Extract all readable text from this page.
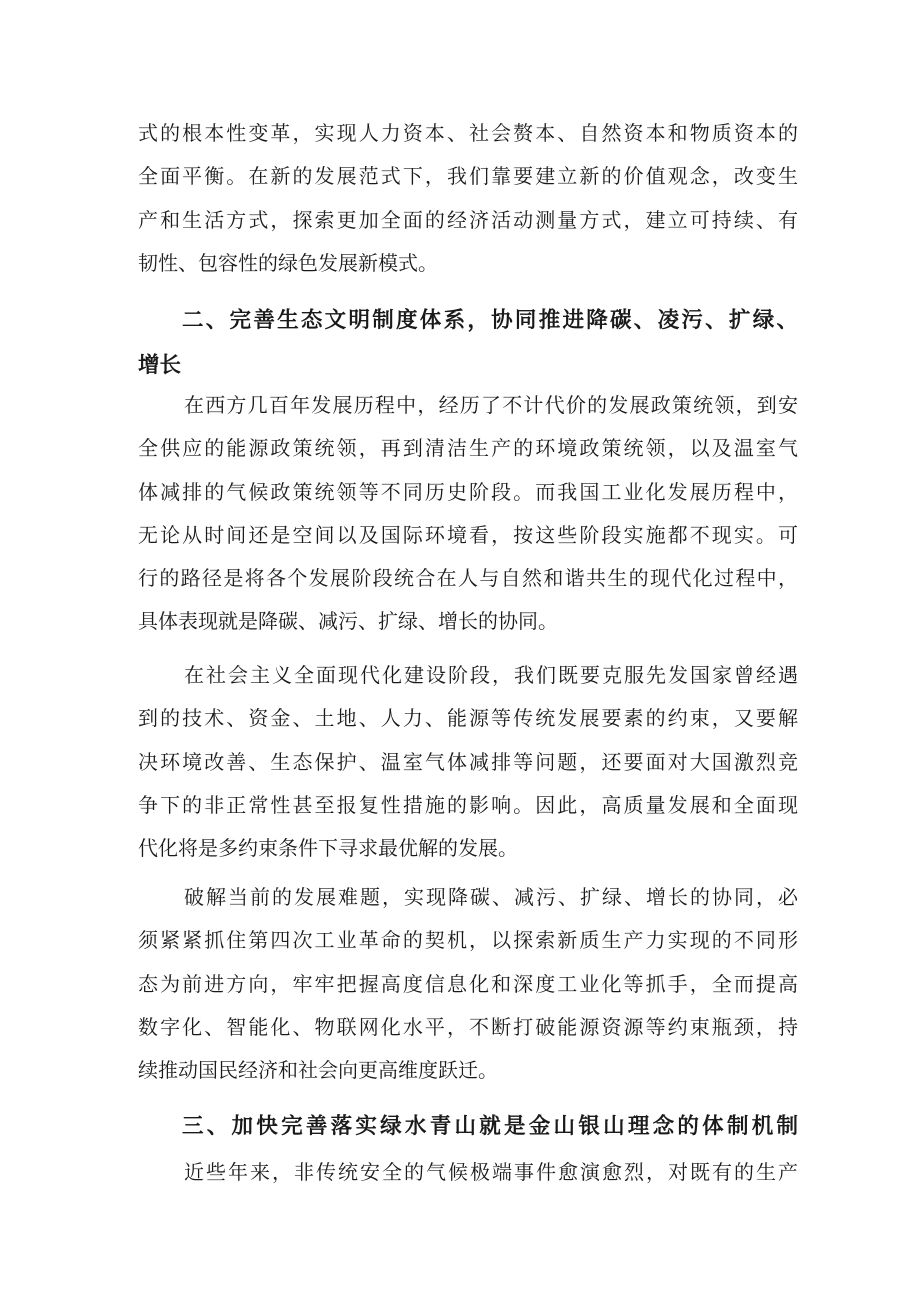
式的根本性变革，实现人力资本、社会赘本、自然资本和物质资本的
全面平衡。在新的发展范式下，我们靠要建立新的价值观念，改变生
产和生活方式，探索更加全面的经济活动测量方式，建立可持续、有
韧性、包容性的绿色发展新模式。
二、完善生态文明制度体系，协同推进降碳、凌污、扩绿、
增长
在西方几百年发展历程中，经历了不计代价的发展政策统领，到安
全供应的能源政策统领，再到清洁生产的环境政策统领，以及温室气
体减排的气候政策统领等不同历史阶段。而我国工业化发展历程中，
无论从时间还是空间以及国际环境看，按这些阶段实施都不现实。可
行的路径是将各个发展阶段统合在人与自然和谐共生的现代化过程中，
具体表现就是降碳、减污、扩绿、增长的协同。
在社会主义全面现代化建设阶段，我们既要克服先发国家曾经遇
到的技术、资金、土地、人力、能源等传统发展要素的约束，又要解
决环境改善、生态保护、温室气体减排等问题，还要面对大国激烈竞
争下的非正常性甚至报复性措施的影响。因此，高质量发展和全面现
代化将是多约束条件下寻求最优解的发展。
破解当前的发展难题，实现降碳、减污、扩绿、增长的协同，必
须紧紧抓住第四次工业革命的契机，以探索新质生产力实现的不同形
态为前进方向，牢牢把握高度信息化和深度工业化等抓手，全而提高
数字化、智能化、物联网化水平，不断打破能源资源等约束瓶颈，持
续推动国民经济和社会向更高维度跃迁。
三、加快完善落实绿水青山就是金山银山理念的体制机制
近些年来，非传统安全的气候极端事件愈演愈烈，对既有的生产
